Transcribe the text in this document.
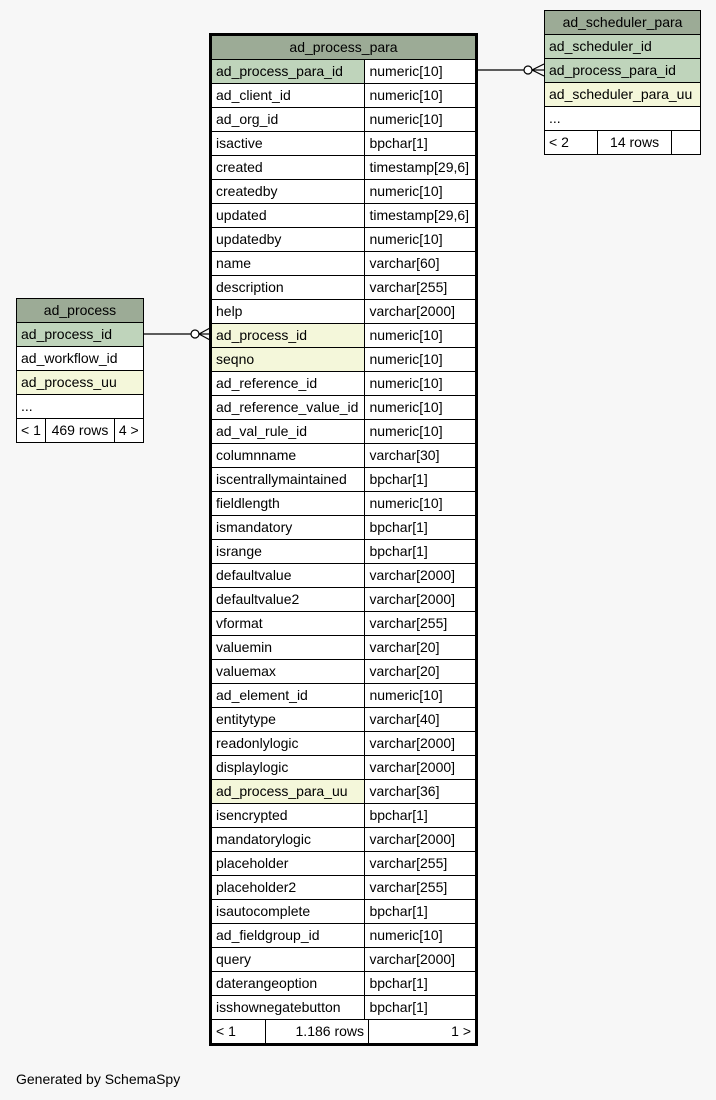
ad_process_para
ad_process_para_id	numeric[10]
ad_client_id	numeric[10]
ad_org_id	numeric[10]
isactive	bpchar[1]
created	timestamp[29,6]
createdby	numeric[10]
updated	timestamp[29,6]
updatedby	numeric[10]
name	varchar[60]
description	varchar[255]
help	varchar[2000]
ad_process_id	numeric[10]
seqno	numeric[10]
ad_reference_id	numeric[10]
ad_reference_value_id	numeric[10]
ad_val_rule_id	numeric[10]
columnname	varchar[30]
iscentrallymaintained	bpchar[1]
fieldlength	numeric[10]
ismandatory	bpchar[1]
isrange	bpchar[1]
defaultvalue	varchar[2000]
defaultvalue2	varchar[2000]
vformat	varchar[255]
valuemin	varchar[20]
valuemax	varchar[20]
ad_element_id	numeric[10]
entitytype	varchar[40]
readonlylogic	varchar[2000]
displaylogic	varchar[2000]
ad_process_para_uu	varchar[36]
isencrypted	bpchar[1]
mandatorylogic	varchar[2000]
placeholder	varchar[255]
placeholder2	varchar[255]
isautocomplete	bpchar[1]
ad_fieldgroup_id	numeric[10]
query	varchar[2000]
daterangeoption	bpchar[1]
isshownegatebutton	bpchar[1]

< 1	1.186 rows	1 >
ad_process
ad_process_id
ad_workflow_id
ad_process_uu
...
< 1	469 rows	4 >
ad_scheduler_para
ad_scheduler_id
ad_process_para_id
ad_scheduler_para_uu
...
< 2	14 rows	
Generated by SchemaSpy
